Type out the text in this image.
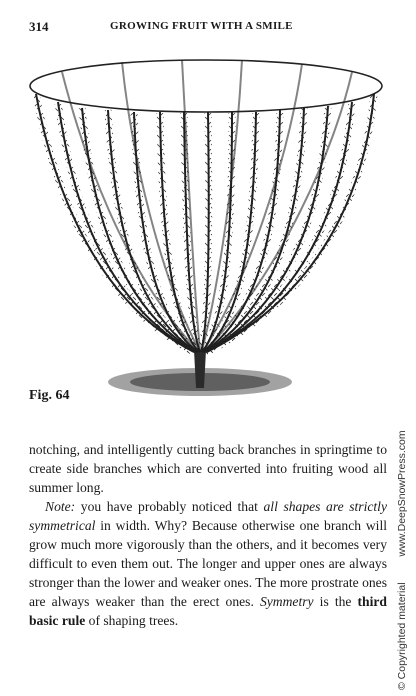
314	GROWING FRUIT WITH A SMILE
Fig. 64

notching, and intelligently cutting back branches in springtime to create side branches which are converted into fruiting wood all summer long.

Note: you have probably noticed that all shapes are strictly symmetrical in width. Why? Because otherwise one branch will grow much more vigorously than the others, and it becomes very difficult to even them out. The longer and upper ones are always stronger than the lower and weaker ones. The more prostrate ones are always weaker than the erect ones. Symmetry is the third basic rule of shaping trees.	© Copyrighted materialwww.DeepSnowPress.com
